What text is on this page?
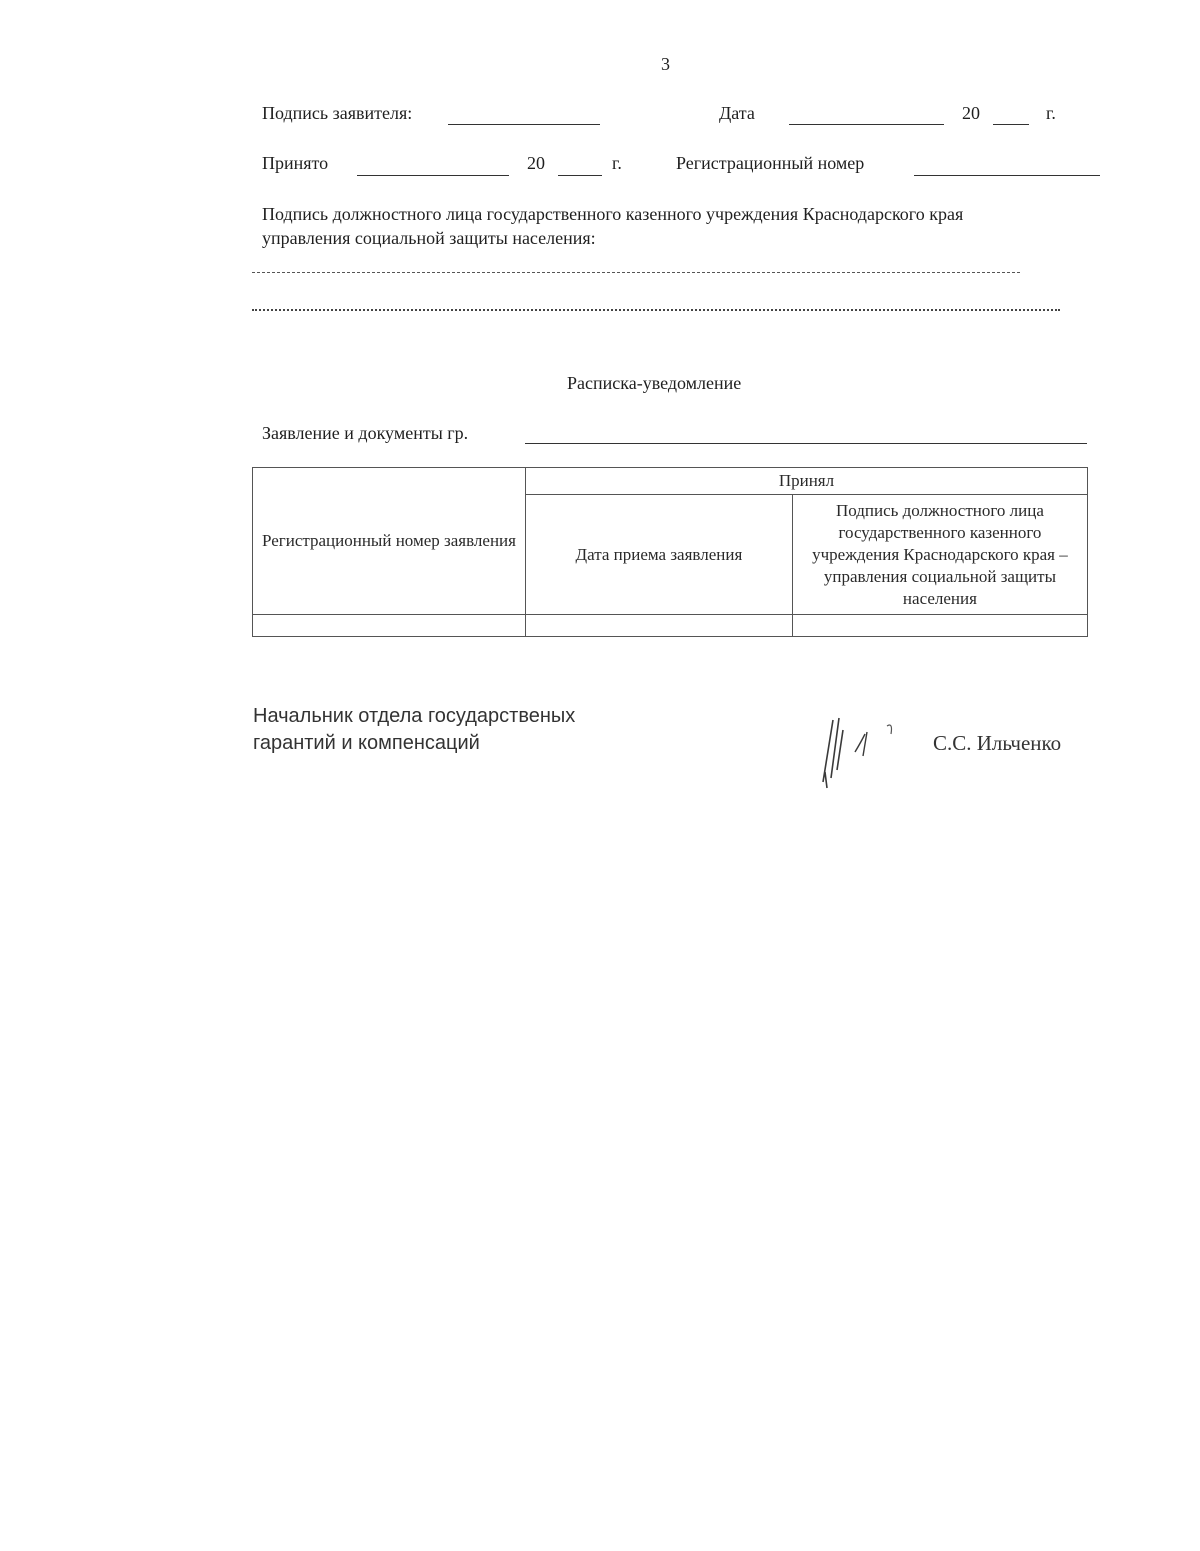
3
Подпись заявителя:	Дата	20	г.
Принято	20	г.	Регистрационный номер
Подпись должностного лица государственного казенного учреждения Краснодарского края
управления социальной защиты населения:
Расписка-уведомление
Заявление и документы гр.
Регистрационный номер заявления	Принял	
	Дата приема заявления	Подпись должностного лица государственного казенного учреждения Краснодарского края – управления социальной защиты населения

Начальник отдела государственых
гарантий и компенсаций	С.С. Ильченко
